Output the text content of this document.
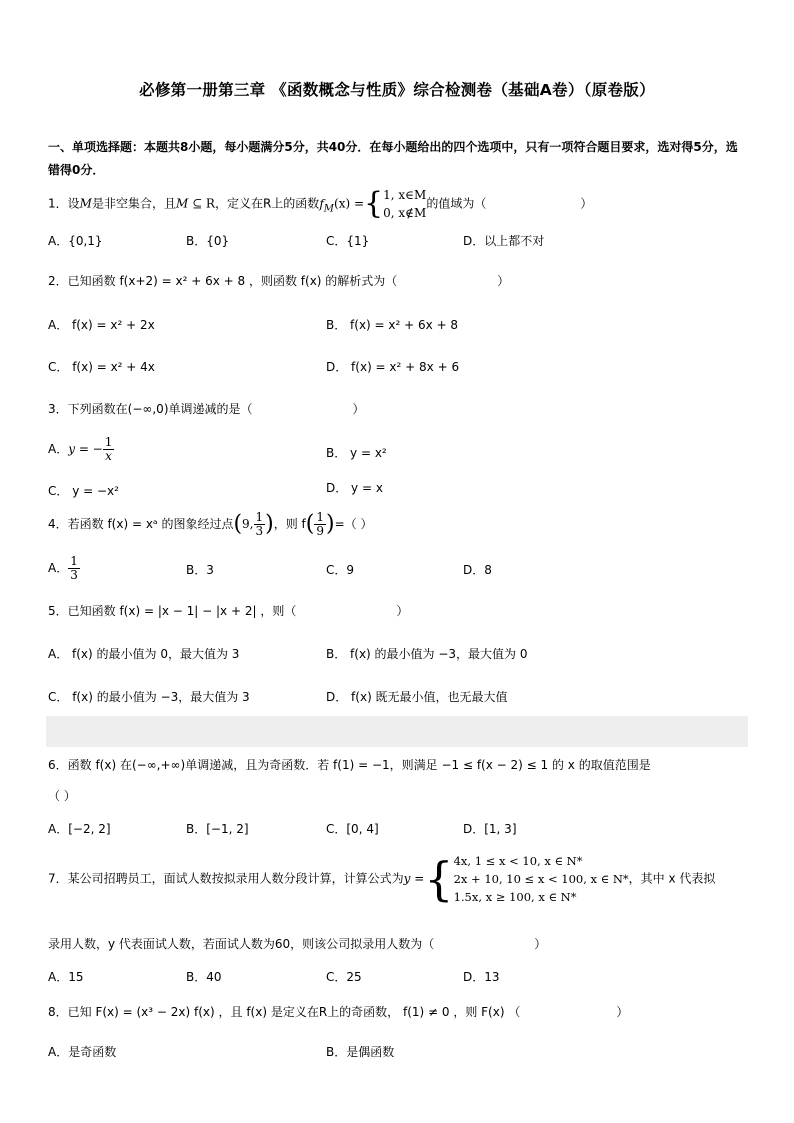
必修第一册第三章 《函数概念与性质》综合检测卷（基础A卷）（原卷版）
一、单项选择题：本题共8小题，每小题满分5分，共40分．在每小题给出的四个选项中，只有一项符合题目要求，选对得5分，选错得0分．
1．设M是非空集合，且M ⊆ R，定义在R上的函数$f_M(x) =\{1$, x∈M
0, x∉M的值域为（	）
A．{0,1}	B．{0}	C．{1}	D．以上都不对
2．已知函数 f(x+2) = x² + 6x + 8 ，则函数 f(x) 的解析式为（	）
A． f(x) = x² + 2x	B． f(x) = x² + 6x + 8
C． f(x) = x² + 4x	D． f(x) = x² + 8x + 6
3．下列函数在(−∞,0)单调递减的是（	）
A．y = − $\frac{1}{x}$	B． y = x²
C． y = −x²	D． y = x
4．若函数 f(x) = xᵃ 的图象经过点(9, $\frac{1}{3}$ )，则 $f( \frac{1}{9}$ )=（ ）
A． $\frac{1}{3}$	B．3	C．9	D．8
5．已知函数 f(x) = |x − 1| − |x + 2| ，则（	）
A． f(x) 的最小值为 0，最大值为 3	B． f(x) 的最小值为 −3，最大值为 0
C． f(x) 的最小值为 −3，最大值为 3	D． f(x) 既无最小值，也无最大值
6．函数 f(x) 在(−∞,+∞)单调递减，且为奇函数．若 f(1) = −1，则满足 −1 ≤ f(x − 2) ≤ 1 的 x 的取值范围是
（ ）
A．[−2, 2]	B．[−1, 2]	C．[0, 4]	D．[1, 3]
7．某公司招聘员工，面试人数按拟录用人数分段计算，计算公式为y ={4x, 1 ≤ x < 10, x ∈ N*
2x + 10, 10 ≤ x < 100, x ∈ N*
1.5x, x ≥ 100, x ∈ N*，其中 x 代表拟
录用人数，y 代表面试人数，若面试人数为60，则该公司拟录用人数为（	）
A．15	B．40	C．25	D．13
8．已知 F(x) = (x³ − 2x) f(x) ，且 f(x) 是定义在R上的奇函数， f(1) ≠ 0 ，则 F(x) （	）
A．是奇函数	B．是偶函数
